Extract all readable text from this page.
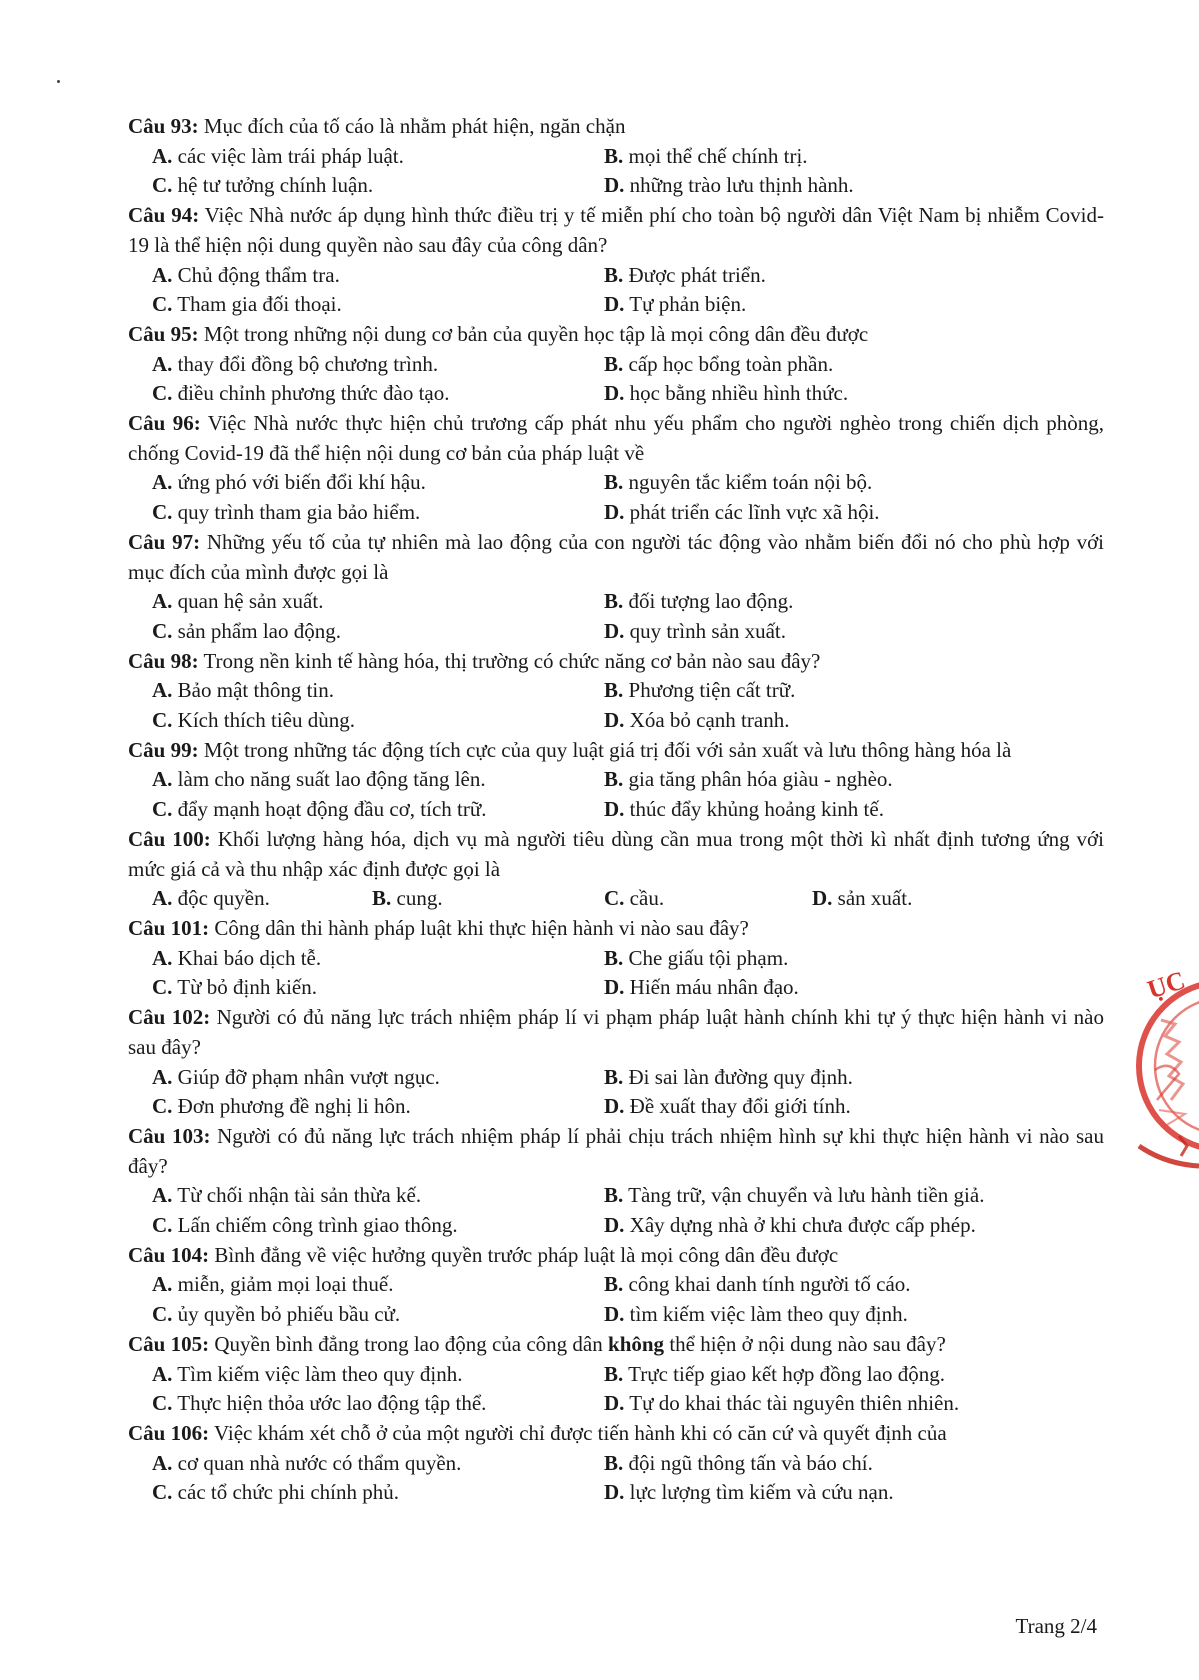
Câu 93: Mục đích của tố cáo là nhằm phát hiện, ngăn chặn
A. các việc làm trái pháp luật.	B. mọi thể chế chính trị.
C. hệ tư tưởng chính luận.	D. những trào lưu thịnh hành.
Câu 94: Việc Nhà nước áp dụng hình thức điều trị y tế miễn phí cho toàn bộ người dân Việt Nam bị nhiễm Covid-19 là thể hiện nội dung quyền nào sau đây của công dân?
A. Chủ động thẩm tra.	B. Được phát triển.
C. Tham gia đối thoại.	D. Tự phản biện.
Câu 95: Một trong những nội dung cơ bản của quyền học tập là mọi công dân đều được
A. thay đổi đồng bộ chương trình.	B. cấp học bổng toàn phần.
C. điều chỉnh phương thức đào tạo.	D. học bằng nhiều hình thức.
Câu 96: Việc Nhà nước thực hiện chủ trương cấp phát nhu yếu phẩm cho người nghèo trong chiến dịch phòng, chống Covid-19 đã thể hiện nội dung cơ bản của pháp luật về
A. ứng phó với biến đổi khí hậu.	B. nguyên tắc kiểm toán nội bộ.
C. quy trình tham gia bảo hiểm.	D. phát triển các lĩnh vực xã hội.
Câu 97: Những yếu tố của tự nhiên mà lao động của con người tác động vào nhằm biến đổi nó cho phù hợp với mục đích của mình được gọi là
A. quan hệ sản xuất.	B. đối tượng lao động.
C. sản phẩm lao động.	D. quy trình sản xuất.
Câu 98: Trong nền kinh tế hàng hóa, thị trường có chức năng cơ bản nào sau đây?
A. Bảo mật thông tin.	B. Phương tiện cất trữ.
C. Kích thích tiêu dùng.	D. Xóa bỏ cạnh tranh.
Câu 99: Một trong những tác động tích cực của quy luật giá trị đối với sản xuất và lưu thông hàng hóa là
A. làm cho năng suất lao động tăng lên.	B. gia tăng phân hóa giàu - nghèo.
C. đẩy mạnh hoạt động đầu cơ, tích trữ.	D. thúc đẩy khủng hoảng kinh tế.
Câu 100: Khối lượng hàng hóa, dịch vụ mà người tiêu dùng cần mua trong một thời kì nhất định tương ứng với mức giá cả và thu nhập xác định được gọi là
A. độc quyền.	B. cung.	C. cầu.	D. sản xuất.
Câu 101: Công dân thi hành pháp luật khi thực hiện hành vi nào sau đây?
A. Khai báo dịch tễ.	B. Che giấu tội phạm.
C. Từ bỏ định kiến.	D. Hiến máu nhân đạo.
Câu 102: Người có đủ năng lực trách nhiệm pháp lí vi phạm pháp luật hành chính khi tự ý thực hiện hành vi nào sau đây?
A. Giúp đỡ phạm nhân vượt ngục.	B. Đi sai làn đường quy định.
C. Đơn phương đề nghị li hôn.	D. Đề xuất thay đổi giới tính.
Câu 103: Người có đủ năng lực trách nhiệm pháp lí phải chịu trách nhiệm hình sự khi thực hiện hành vi nào sau đây?
A. Từ chối nhận tài sản thừa kế.	B. Tàng trữ, vận chuyển và lưu hành tiền giả.
C. Lấn chiếm công trình giao thông.	D. Xây dựng nhà ở khi chưa được cấp phép.
Câu 104: Bình đẳng về việc hưởng quyền trước pháp luật là mọi công dân đều được
A. miễn, giảm mọi loại thuế.	B. công khai danh tính người tố cáo.
C. ủy quyền bỏ phiếu bầu cử.	D. tìm kiếm việc làm theo quy định.
Câu 105: Quyền bình đẳng trong lao động của công dân không thể hiện ở nội dung nào sau đây?
A. Tìm kiếm việc làm theo quy định.	B. Trực tiếp giao kết hợp đồng lao động.
C. Thực hiện thỏa ước lao động tập thể.	D. Tự do khai thác tài nguyên thiên nhiên.
Câu 106: Việc khám xét chỗ ở của một người chỉ được tiến hành khi có căn cứ và quyết định của
A. cơ quan nhà nước có thẩm quyền.	B. đội ngũ thông tấn và báo chí.
C. các tổ chức phi chính phủ.	D. lực lượng tìm kiếm và cứu nạn.
Trang 2/4
ỤC
